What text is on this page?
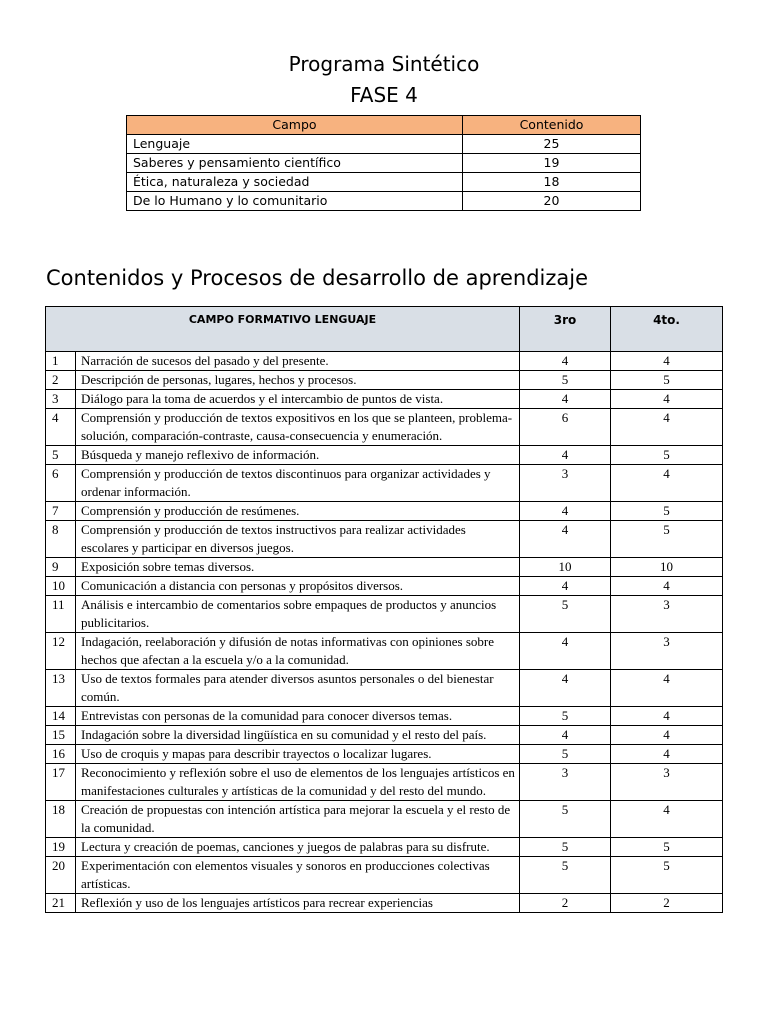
Programa Sintético
FASE 4
Campo	Contenido
Lenguaje	25
Saberes y pensamiento científico	19
Ética, naturaleza y sociedad	18
De lo Humano y lo comunitario	20
Contenidos y Procesos de desarrollo de aprendizaje
CAMPO FORMATIVO LENGUAJE		3ro	4to.
1	Narración de sucesos del pasado y del presente.	4	4
2	Descripción de personas, lugares, hechos y procesos.	5	5
3	Diálogo para la toma de acuerdos y el intercambio de puntos de vista.	4	4
4	Comprensión y producción de textos expositivos en los que se planteen, problema-solución, comparación-contraste, causa-consecuencia y enumeración.	6	4
5	Búsqueda y manejo reflexivo de información.	4	5
6	Comprensión y producción de textos discontinuos para organizar actividades y ordenar información.	3	4
7	Comprensión y producción de resúmenes.	4	5
8	Comprensión y producción de textos instructivos para realizar actividades escolares y participar en diversos juegos.	4	5
9	Exposición sobre temas diversos.	10	10
10	Comunicación a distancia con personas y propósitos diversos.	4	4
11	Análisis e intercambio de comentarios sobre empaques de productos y anuncios publicitarios.	5	3
12	Indagación, reelaboración y difusión de notas informativas con opiniones sobre hechos que afectan a la escuela y/o a la comunidad.	4	3
13	Uso de textos formales para atender diversos asuntos personales o del bienestar común.	4	4
14	Entrevistas con personas de la comunidad para conocer diversos temas.	5	4
15	Indagación sobre la diversidad lingüística en su comunidad y el resto del país.	4	4
16	Uso de croquis y mapas para describir trayectos o localizar lugares.	5	4
17	Reconocimiento y reflexión sobre el uso de elementos de los lenguajes artísticos en manifestaciones culturales y artísticas de la comunidad y del resto del mundo.	3	3
18	Creación de propuestas con intención artística para mejorar la escuela y el resto de la comunidad.	5	4
19	Lectura y creación de poemas, canciones y juegos de palabras para su disfrute.	5	5
20	Experimentación con elementos visuales y sonoros en producciones colectivas artísticas.	5	5
21	Reflexión y uso de los lenguajes artísticos para recrear experiencias	2	2
